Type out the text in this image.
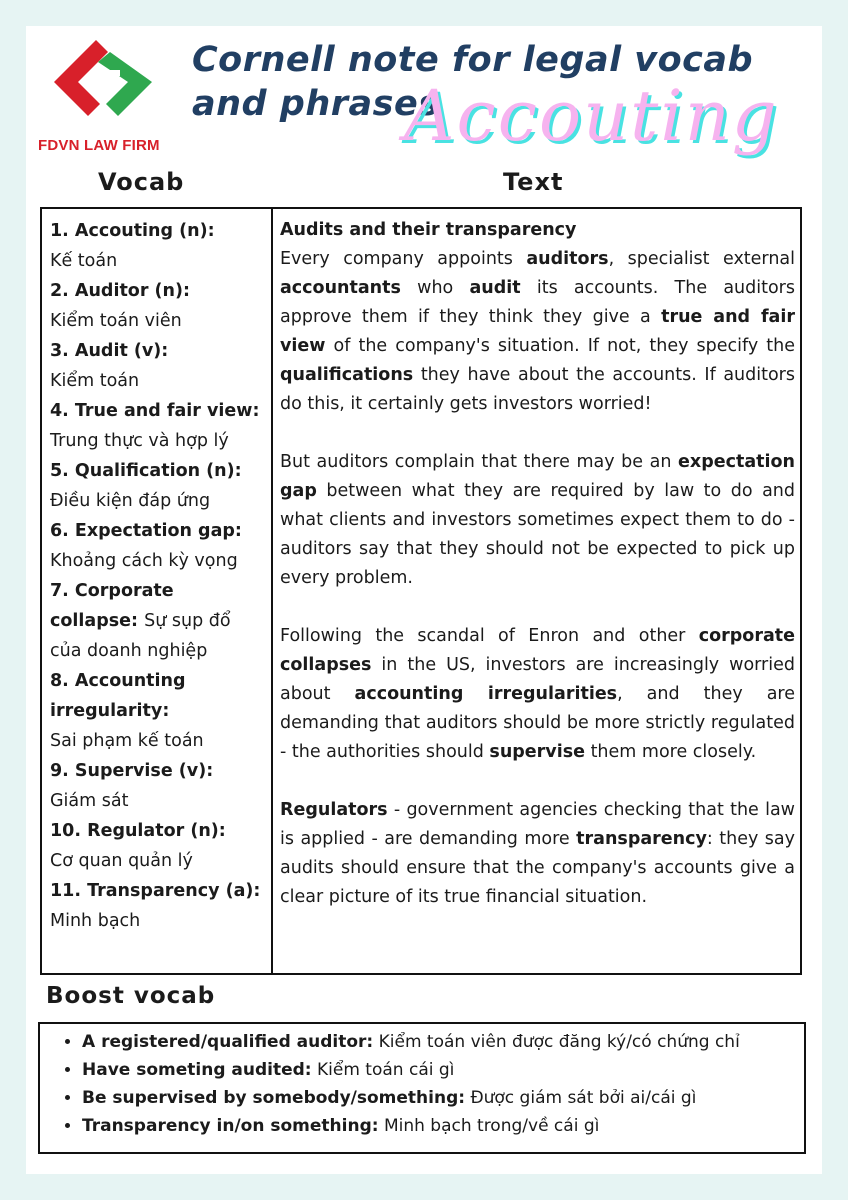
FDVN LAW FIRM
Cornell note for legal vocab and phrases
Accouting
Vocab	Text
1. Accouting (n):
Kế toán
2. Auditor (n):
Kiểm toán viên
3. Audit (v):
Kiểm toán
4. True and fair view:
Trung thực và hợp lý
5. Qualification (n):
Điều kiện đáp ứng
6. Expectation gap:
Khoảng cách kỳ vọng
7. Corporate collapse: Sự sụp đổ của doanh nghiệp
8. Accounting irregularity:
Sai phạm kế toán
9. Supervise (v):
Giám sát
10. Regulator (n):
Cơ quan quản lý
11. Transparency (a):
Minh bạch
Audits and their transparency

Every company appoints auditors, specialist external accountants who audit its accounts. The auditors approve them if they think they give a true and fair view of the company's situation. If not, they specify the qualifications they have about the accounts. If auditors do this, it certainly gets investors worried!

But auditors complain that there may be an expectation gap between what they are required by law to do and what clients and investors sometimes expect them to do - auditors say that they should not be expected to pick up every problem.

Following the scandal of Enron and other corporate collapses in the US, investors are increasingly worried about accounting irregularities, and they are demanding that auditors should be more strictly regulated - the authorities should supervise them more closely.

Regulators - government agencies checking that the law is applied - are demanding more transparency: they say audits should ensure that the company's accounts give a clear picture of its true financial situation.

Boost vocab
• A registered/qualified auditor: Kiểm toán viên được đăng ký/có chứng chỉ
• Have someting audited: Kiểm toán cái gì
• Be supervised by somebody/something: Được giám sát bởi ai/cái gì
• Transparency in/on something: Minh bạch trong/về cái gì
